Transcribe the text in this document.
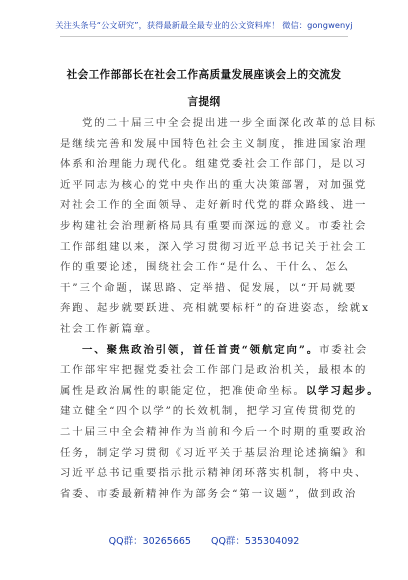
关注头条号“公文研究”，获得最新最全最专业的公文资料库！ 微信：gongwenyj
社会工作部部长在社会工作高质量发展座谈会上的交流发
言提纲
党的二十届三中全会提出进一步全面深化改革的总目标
是继续完善和发展中国特色社会主义制度，推进国家治理
体系和治理能力现代化。组建党委社会工作部门，是以习
近平同志为核心的党中央作出的重大决策部署，对加强党
对社会工作的全面领导、走好新时代党的群众路线、进一
步构建社会治理新格局具有重要而深远的意义。市委社会
工作部组建以来，深入学习贯彻习近平总书记关于社会工
作的重要论述，围绕社会工作“是什么、干什么、怎么
干”三个命题，谋思路、定举措、促发展，以“开局就要
奔跑、起步就要跃进、亮相就要标杆”的奋进姿态，绘就x
社会工作新篇章。
一、聚焦政治引领，首任首责“领航定向”。市委社会
工作部牢牢把握党委社会工作部门是政治机关，最根本的
属性是政治属性的职能定位，把准使命坐标。以学习起步。
建立健全“四个以学”的长效机制，把学习宣传贯彻党的
二十届三中全会精神作为当前和今后一个时期的重要政治
任务，制定学习贯彻《习近平关于基层治理论述摘编》和
习近平总书记重要指示批示精神闭环落实机制，将中央、
省委、市委最新精神作为部务会“第一议题”，做到政治
QQ群：30265665 QQ群：535304092
